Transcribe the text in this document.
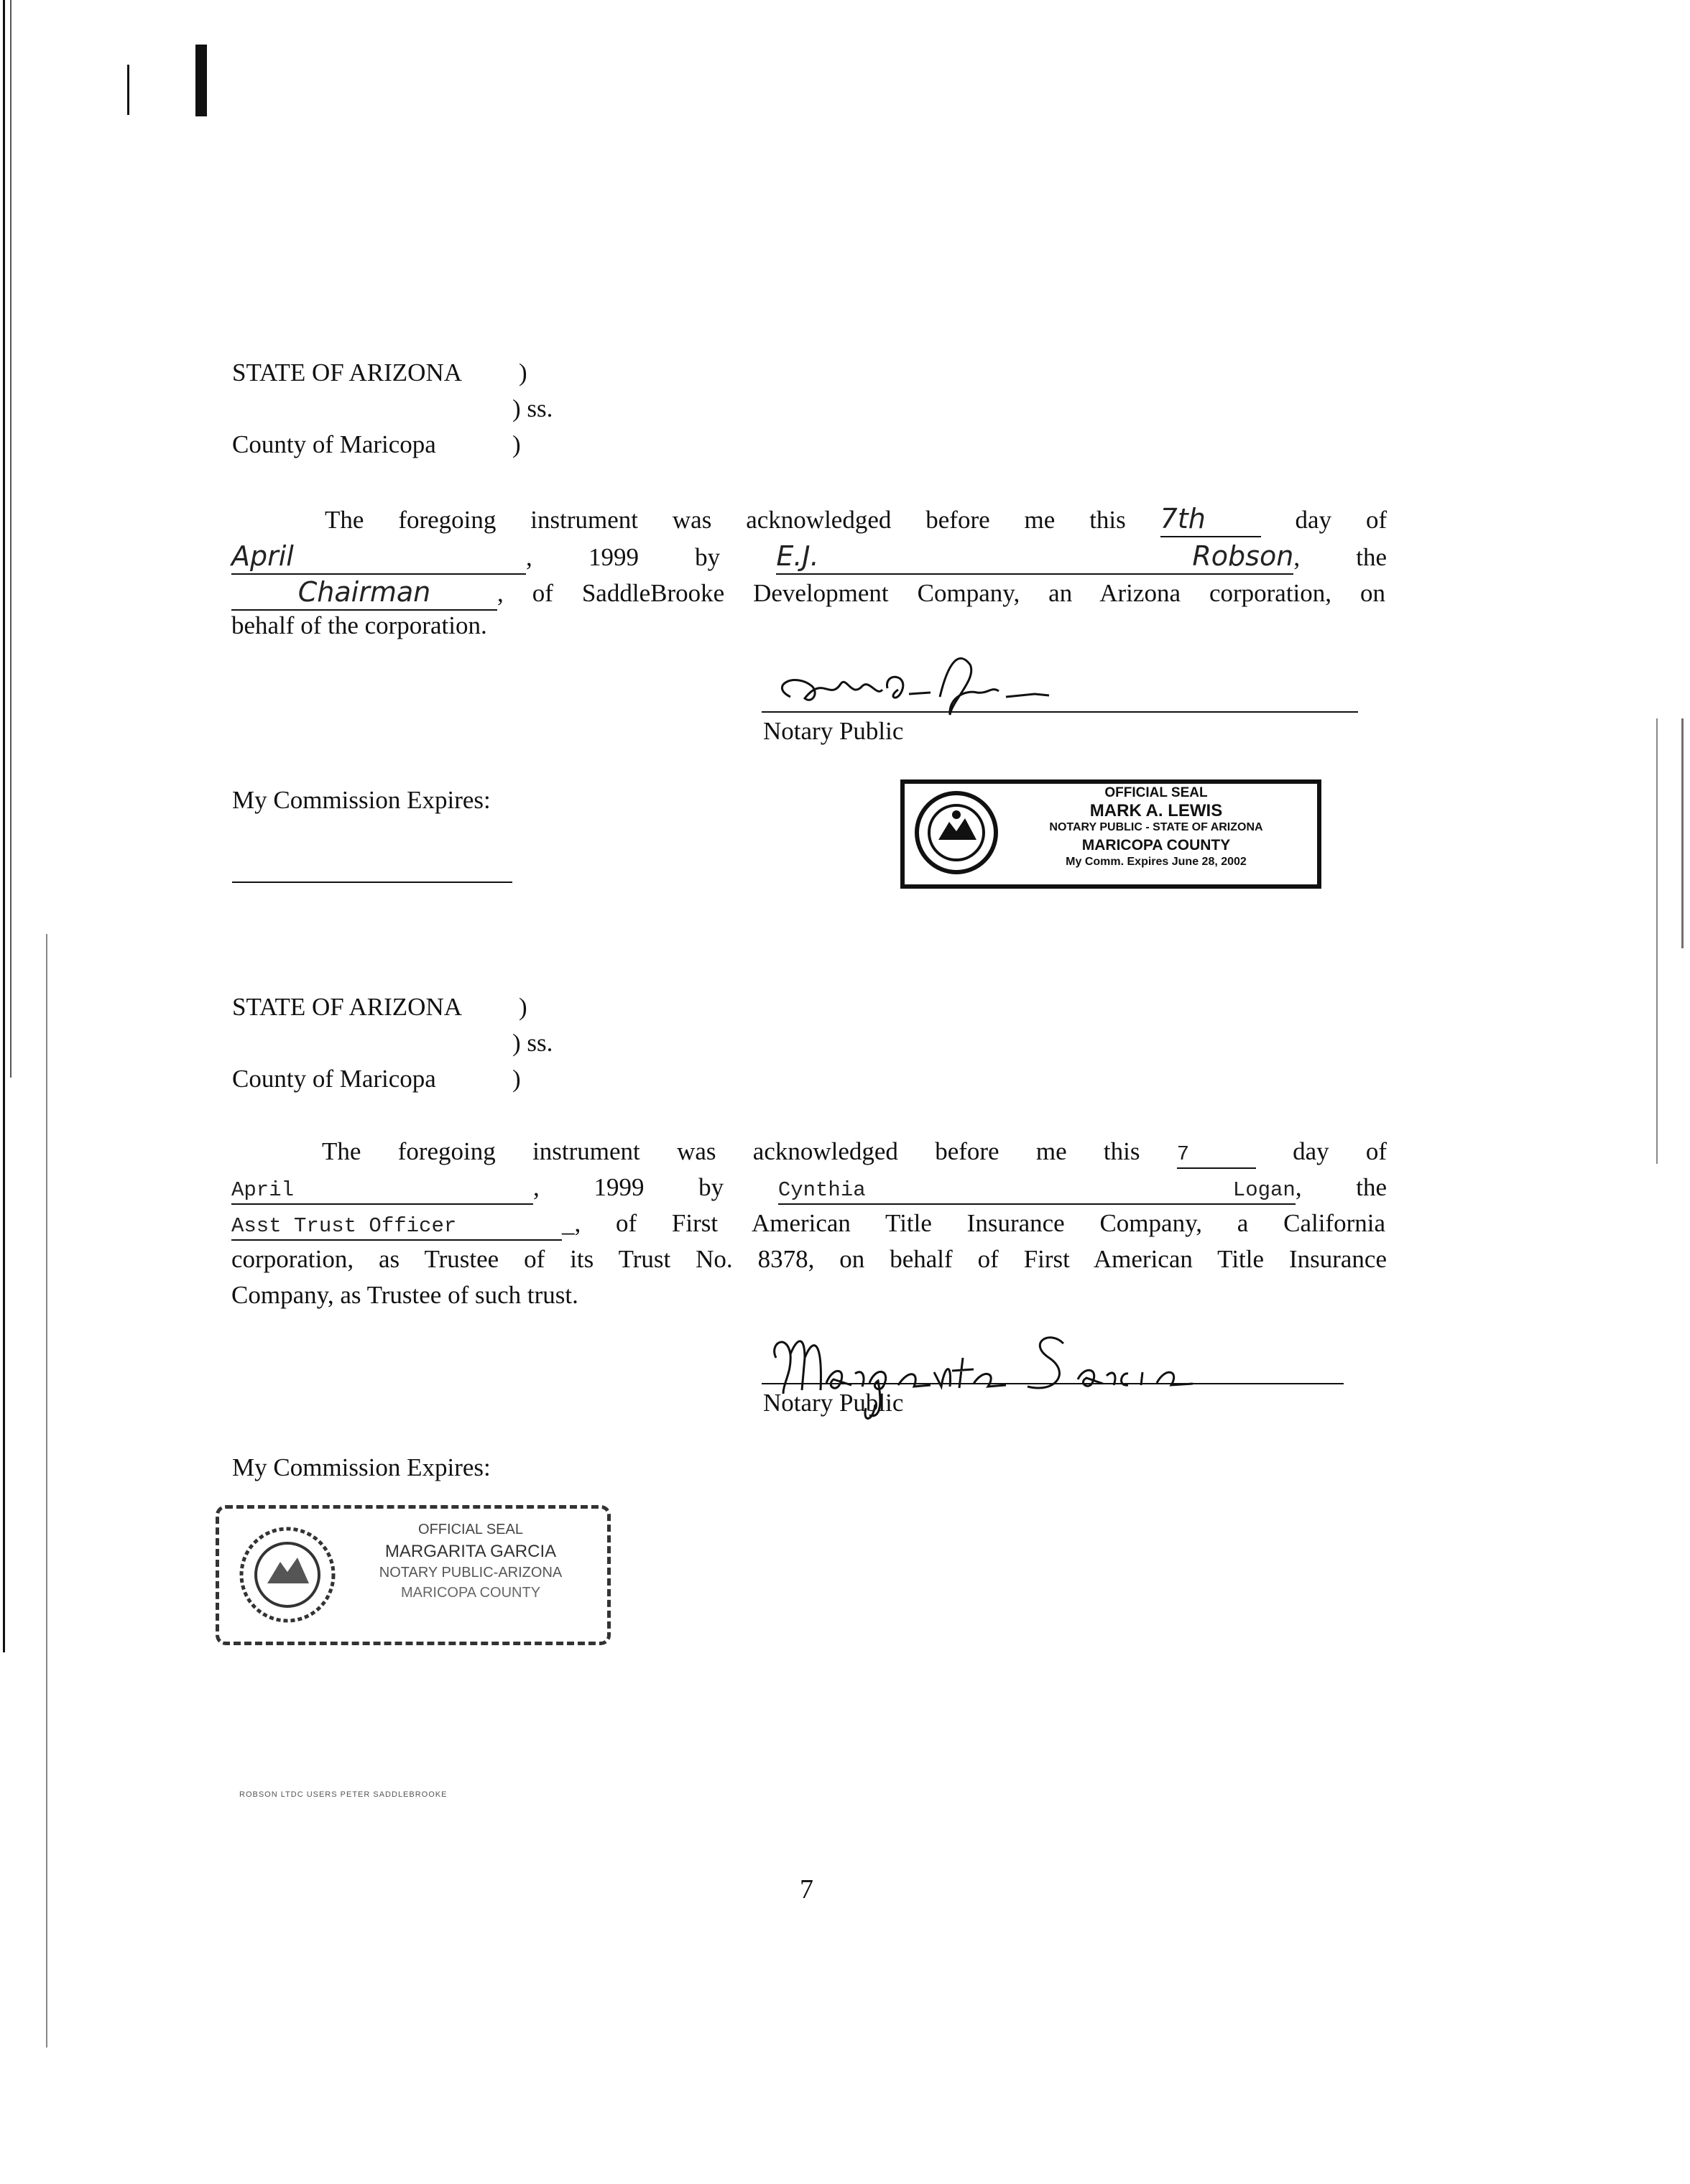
STATE OF ARIZONA )
) ss.
County of Maricopa	)
The foregoing instrument was acknowledged before me this 7th	day of
April	, 1999 by E.J. Robson, the
Chairman	, of SaddleBrooke Development Company, an Arizona corporation, on
behalf of the corporation.
Notary Public
My Commission Expires:	OFFICIAL SEAL
MARK A. LEWIS
NOTARY PUBLIC - STATE OF ARIZONA
MARICOPA COUNTY
My Comm. Expires June 28, 2002
STATE OF ARIZONA )
) ss.
County of Maricopa	)
The foregoing instrument was acknowledged before me this 7	day of
April	, 1999 by	Cynthia Logan, the
Asst Trust Officer	_, of First American Title Insurance Company, a California
corporation, as Trustee of its Trust No. 8378, on behalf of First American Title Insurance
Company, as Trustee of such trust.
Notary Public
My Commission Expires:
OFFICIAL SEAL
MARGARITA GARCIA
NOTARY PUBLIC-ARIZONA
MARICOPA COUNTY
ROBSON LTDC USERS PETER SADDLEBROOKE
7
